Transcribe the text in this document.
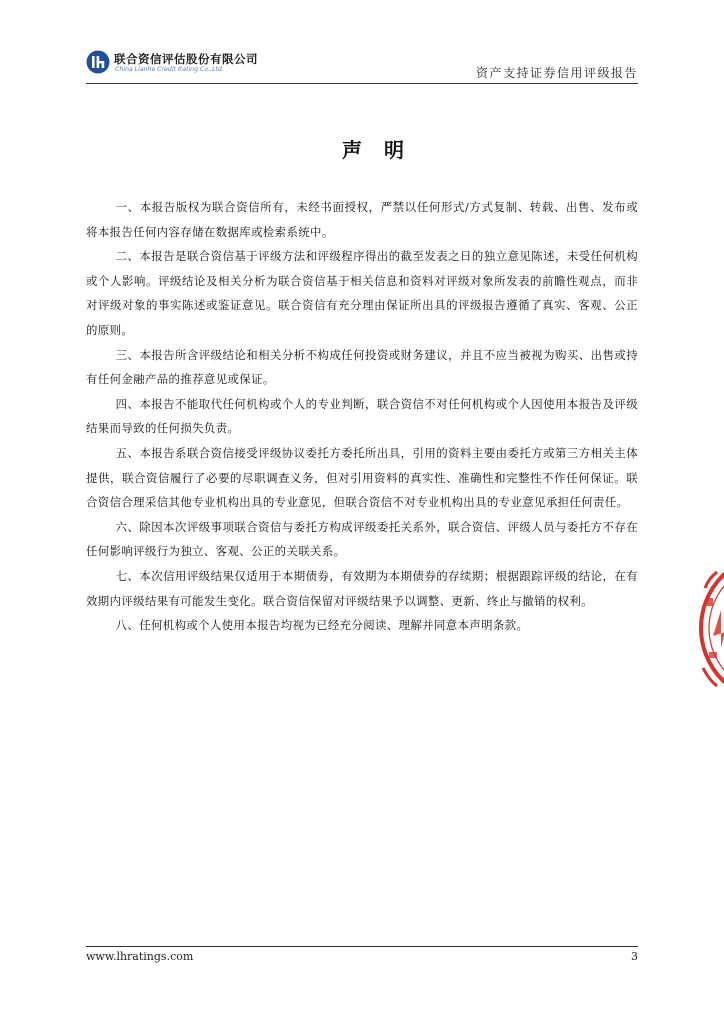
联合资信评估股份有限公司
China Lianhe Credit Rating Co.,Ltd.	资产支持证券信用评级报告
声明

一、本报告版权为联合资信所有，未经书面授权，严禁以任何形式/方式复制、转载、出售、发布或将本报告任何内容存储在数据库或检索系统中。

二、本报告是联合资信基于评级方法和评级程序得出的截至发表之日的独立意见陈述，未受任何机构或个人影响。评级结论及相关分析为联合资信基于相关信息和资料对评级对象所发表的前瞻性观点，而非对评级对象的事实陈述或鉴证意见。联合资信有充分理由保证所出具的评级报告遵循了真实、客观、公正的原则。

三、本报告所含评级结论和相关分析不构成任何投资或财务建议，并且不应当被视为购买、出售或持有任何金融产品的推荐意见或保证。

四、本报告不能取代任何机构或个人的专业判断，联合资信不对任何机构或个人因使用本报告及评级结果而导致的任何损失负责。

五、本报告系联合资信接受评级协议委托方委托所出具，引用的资料主要由委托方或第三方相关主体提供，联合资信履行了必要的尽职调查义务，但对引用资料的真实性、准确性和完整性不作任何保证。联合资信合理采信其他专业机构出具的专业意见，但联合资信不对专业机构出具的专业意见承担任何责任。

六、除因本次评级事项联合资信与委托方构成评级委托关系外，联合资信、评级人员与委托方不存在任何影响评级行为独立、客观、公正的关联关系。

七、本次信用评级结果仅适用于本期债券，有效期为本期债券的存续期；根据跟踪评级的结论，在有效期内评级结果有可能发生变化。联合资信保留对评级结果予以调整、更新、终止与撤销的权利。

八、任何机构或个人使用本报告均视为已经充分阅读、理解并同意本声明条款。

www.lhratings.com	3
